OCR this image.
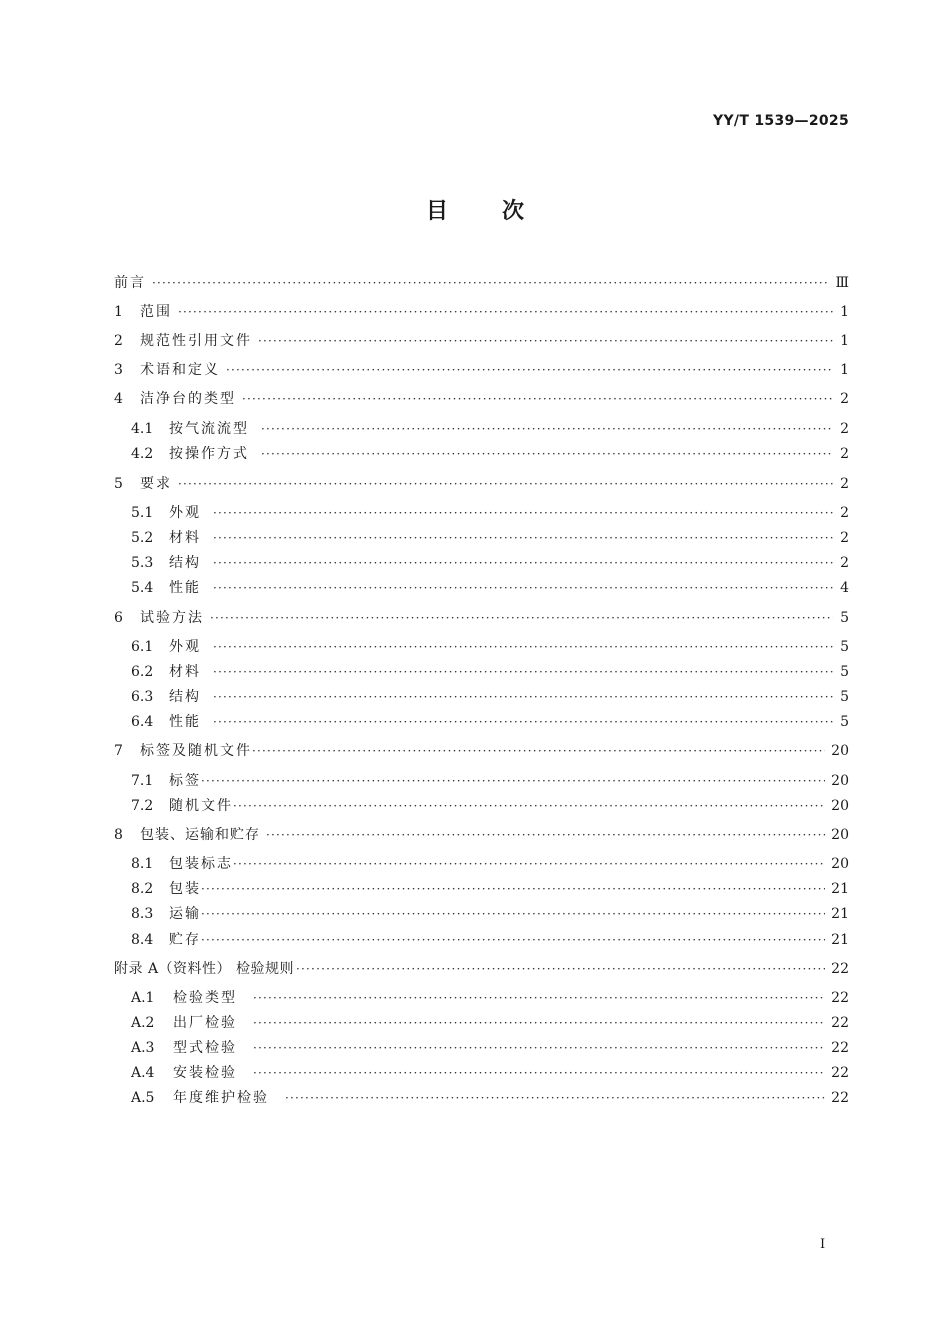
YY/T 1539—2025
目次
前言 ·····	Ⅲ
1	范围 ·····	1
2	规范性引用文件 ·····	1
3	术语和定义 ·····	1
4	洁净台的类型 ·····	2
4.1	按气流流型 ·····	2
4.2	按操作方式 ·····	2
5	要求 ·····	2
5.1	外观 ·····	2
5.2	材料 ·····	2
5.3	结构 ·····	2
5.4	性能 ·····	4
6	试验方法 ·····	5
6.1	外观 ·····	5
6.2	材料 ·····	5
6.3	结构 ·····	5
6.4	性能 ·····	5
7	标签及随机文件 ·····	20
7.1	标签 ·····	20
7.2	随机文件 ·····	20
8	包装、运输和贮存 ·····	20
8.1	包装标志 ·····	20
8.2	包装 ·····	21
8.3	运输 ·····	21
8.4	贮存 ·····	21
附录 A（资料性） 检验规则 ·····	22
A.1	检验类型 ·····	22
A.2	出厂检验 ·····	22
A.3	型式检验 ·····	22
A.4	安装检验 ·····	22
A.5	年度维护检验 ·····	22
I
